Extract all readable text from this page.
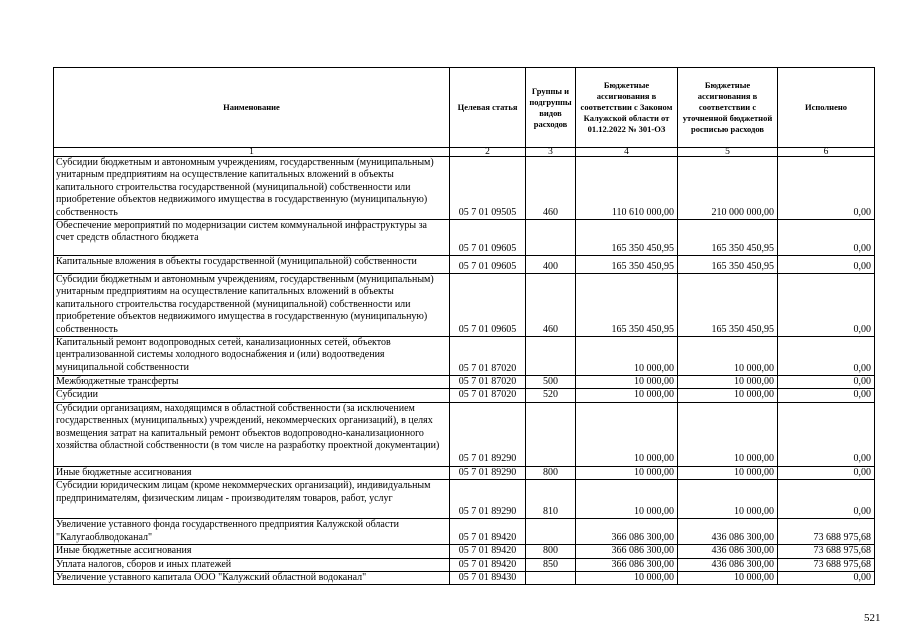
Наименование	Целевая статья	Группы и подгруппы видов расходов	Бюджетные ассигнования в соответствии с Законом Калужской области от 01.12.2022 № 301-ОЗ	Бюджетные ассигнования в соответствии с уточненной бюджетной росписью расходов	Исполнено
1	2	3	4	5	6
Субсидии бюджетным и автономным учреждениям, государственным (муниципальным) унитарным предприятиям на осуществление капитальных вложений в объекты капитального строительства государственной (муниципальной) собственности или приобретение объектов недвижимого имущества в государственную (муниципальную) собственность	05 7 01 09505	460	110 610 000,00	210 000 000,00	0,00
Обеспечение мероприятий по модернизации систем коммунальной инфраструктуры за счет средств областного бюджета	05 7 01 09605		165 350 450,95	165 350 450,95	0,00
Капитальные вложения в объекты государственной (муниципальной) собственности	05 7 01 09605	400	165 350 450,95	165 350 450,95	0,00
Субсидии бюджетным и автономным учреждениям, государственным (муниципальным) унитарным предприятиям на осуществление капитальных вложений в объекты капитального строительства государственной (муниципальной) собственности или приобретение объектов недвижимого имущества в государственную (муниципальную) собственность	05 7 01 09605	460	165 350 450,95	165 350 450,95	0,00
Капитальный ремонт водопроводных сетей, канализационных сетей, объектов централизованной системы холодного водоснабжения и (или) водоотведения муниципальной собственности	05 7 01 87020		10 000,00	10 000,00	0,00
Межбюджетные трансферты	05 7 01 87020	500	10 000,00	10 000,00	0,00
Субсидии	05 7 01 87020	520	10 000,00	10 000,00	0,00
Субсидии организациям, находящимся в областной собственности (за исключением государственных (муниципальных) учреждений, некоммерческих организаций), в целях возмещения затрат на капитальный ремонт объектов водопроводно-канализационного хозяйства областной собственности (в том числе на разработку проектной документации)	05 7 01 89290		10 000,00	10 000,00	0,00
Иные бюджетные ассигнования	05 7 01 89290	800	10 000,00	10 000,00	0,00
Субсидии юридическим лицам (кроме некоммерческих организаций), индивидуальным предпринимателям, физическим лицам - производителям товаров, работ, услуг	05 7 01 89290	810	10 000,00	10 000,00	0,00
Увеличение уставного фонда государственного предприятия Калужской области "Калугаоблводоканал"	05 7 01 89420		366 086 300,00	436 086 300,00	73 688 975,68
Иные бюджетные ассигнования	05 7 01 89420	800	366 086 300,00	436 086 300,00	73 688 975,68
Уплата налогов, сборов и иных платежей	05 7 01 89420	850	366 086 300,00	436 086 300,00	73 688 975,68
Увеличение уставного капитала ООО "Калужский областной водоканал"	05 7 01 89430		10 000,00	10 000,00	0,00
521
